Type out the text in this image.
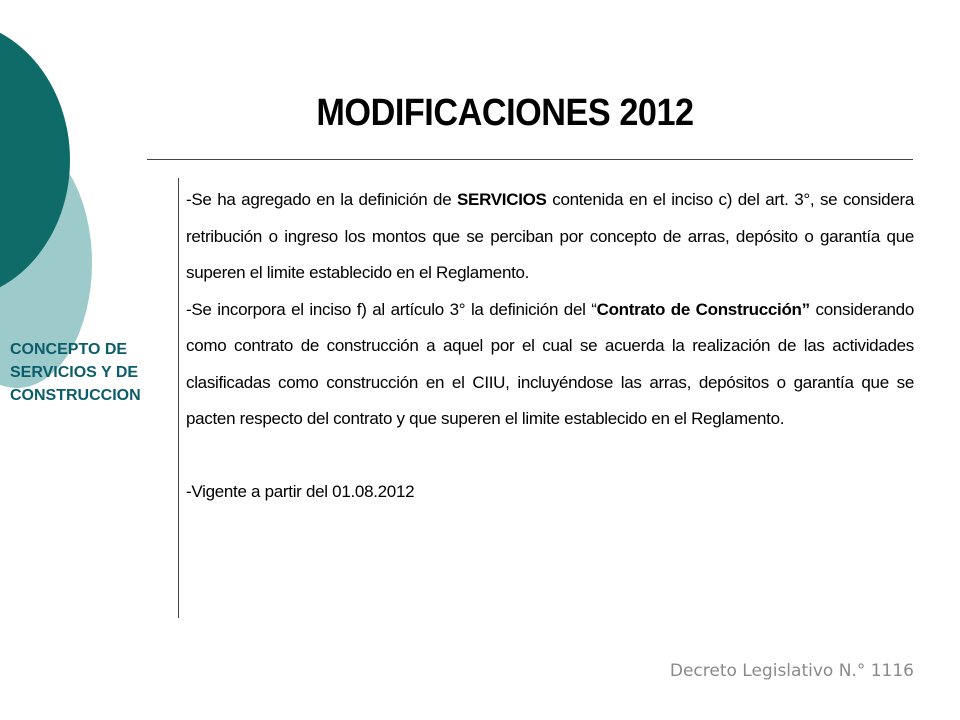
MODIFICACIONES 2012
CONCEPTO DE
SERVICIOS Y DE
CONSTRUCCION

-Se ha agregado en la definición de SERVICIOS contenida en el inciso c) del art. 3°, se considera retribución o ingreso los montos que se perciban por concepto de arras, depósito o garantía que superen el limite establecido en el Reglamento.

-Se incorpora el inciso f) al artículo 3° la definición del “Contrato de Construcción” considerando como contrato de construcción a aquel por el cual se acuerda la realización de las actividades clasificadas como construcción en el CIIU, incluyéndose las arras, depósitos o garantía que se pacten respecto del contrato y que superen el limite establecido en el Reglamento.

-Vigente a partir del 01.08.2012

Decreto Legislativo N.° 1116
